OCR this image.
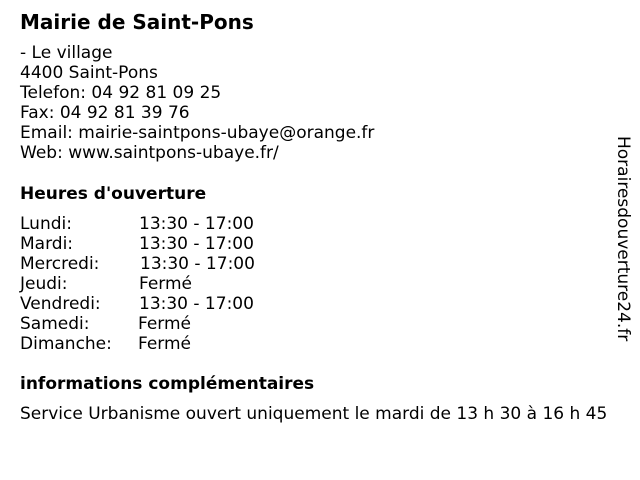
Mairie de Saint-Pons
- Le village
4400 Saint-Pons
Telefon: 04 92 81 09 25
Fax: 04 92 81 39 76
Email: mairie-saintpons-ubaye@orange.fr
Web: www.saintpons-ubaye.fr/
Heures d'ouverture
Lundi:	13:30 - 17:00
Mardi:	13:30 - 17:00
Mercredi: 13:30 - 17:00
Jeudi:	Fermé
Vendredi: 13:30 - 17:00
Samedi:	Fermé
Dimanche: Fermé
informations complémentaires
Service Urbanisme ouvert uniquement le mardi de 13 h 30 à 16 h 45
Horairesdouverture24.fr
